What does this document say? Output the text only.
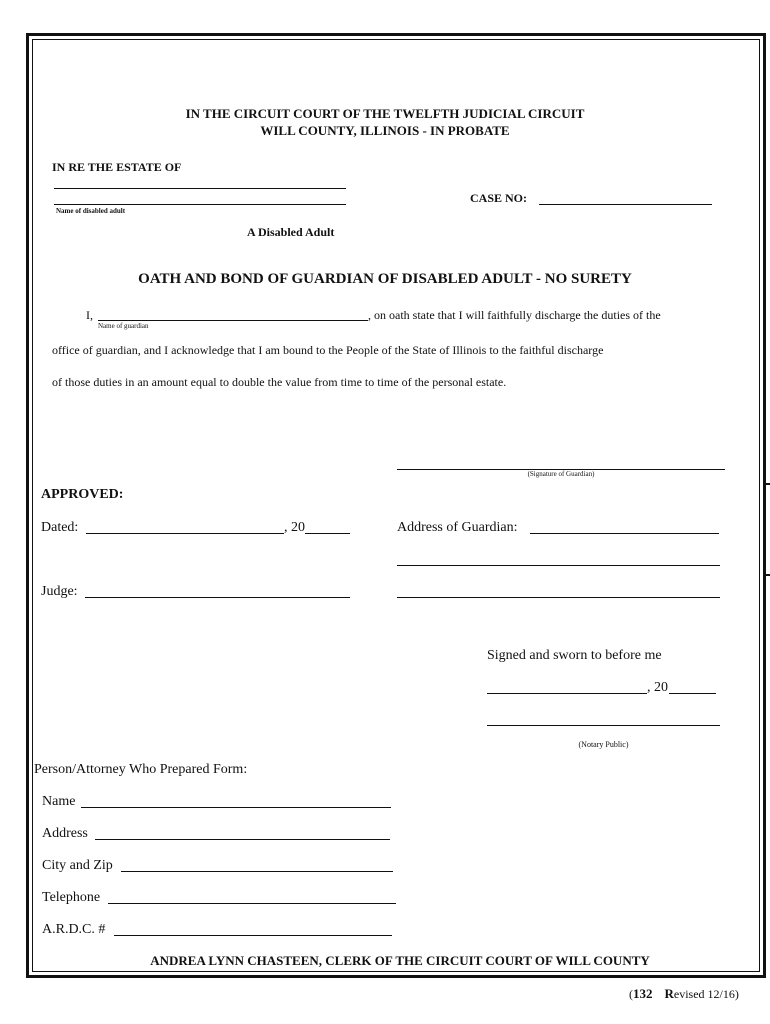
IN THE CIRCUIT COURT OF THE TWELFTH JUDICIAL CIRCUIT
WILL COUNTY, ILLINOIS - IN PROBATE
IN RE THE ESTATE OF
Name of disabled adult
CASE NO:
A Disabled Adult
OATH AND BOND OF GUARDIAN OF DISABLED ADULT - NO SURETY
I,	, on oath state that I will faithfully discharge the duties of the
Name of guardian
office of guardian, and I acknowledge that I am bound to the People of the State of Illinois to the faithful discharge
of those duties in an amount equal to double the value from time to time of the personal estate.
(Signature of Guardian)
APPROVED:
Dated:	, 20
Judge:
Address of Guardian:
Signed and sworn to before me
, 20
(Notary Public)
Person/Attorney Who Prepared Form:
Name
Address
City and Zip
Telephone
A.R.D.C. #
ANDREA LYNN CHASTEEN, CLERK OF THE CIRCUIT COURT OF WILL COUNTY
(132 Revised 12/16)
